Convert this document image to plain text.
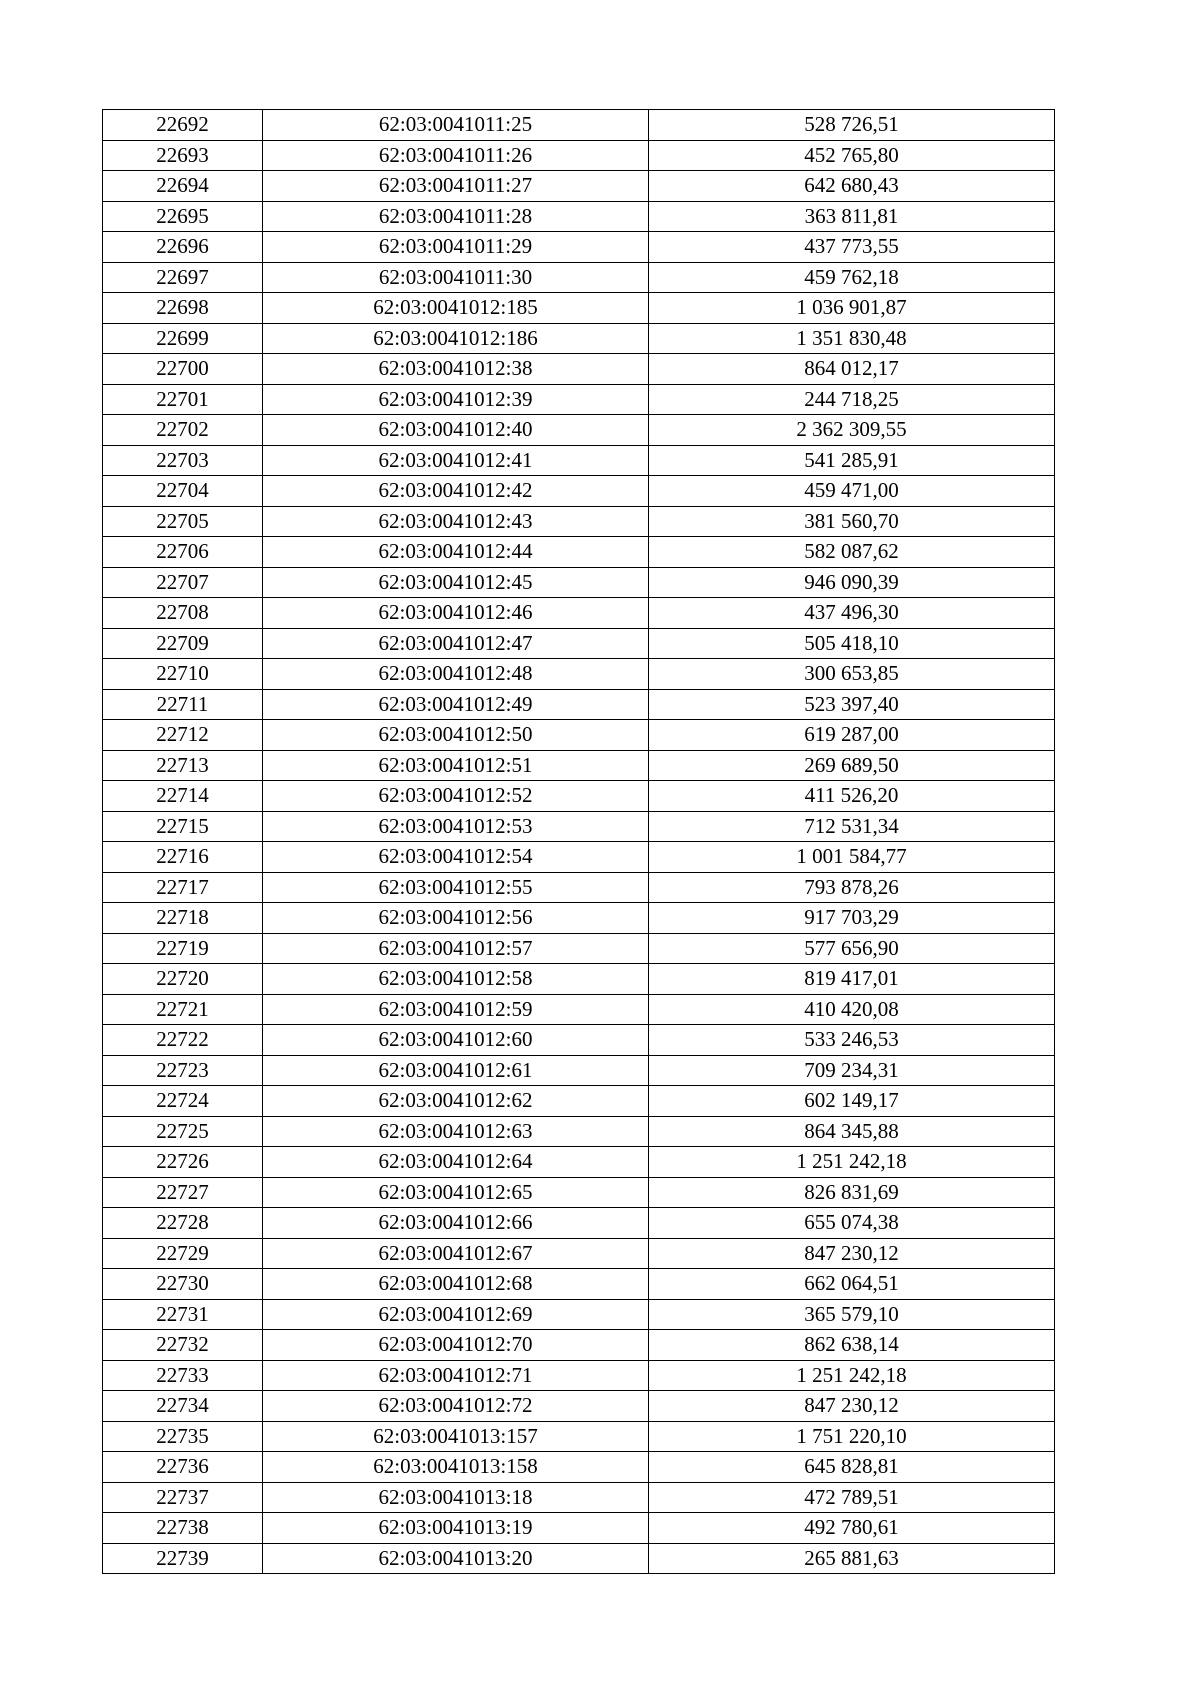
22692	62:03:0041011:25	528 726,51
22693	62:03:0041011:26	452 765,80
22694	62:03:0041011:27	642 680,43
22695	62:03:0041011:28	363 811,81
22696	62:03:0041011:29	437 773,55
22697	62:03:0041011:30	459 762,18
22698	62:03:0041012:185	1 036 901,87
22699	62:03:0041012:186	1 351 830,48
22700	62:03:0041012:38	864 012,17
22701	62:03:0041012:39	244 718,25
22702	62:03:0041012:40	2 362 309,55
22703	62:03:0041012:41	541 285,91
22704	62:03:0041012:42	459 471,00
22705	62:03:0041012:43	381 560,70
22706	62:03:0041012:44	582 087,62
22707	62:03:0041012:45	946 090,39
22708	62:03:0041012:46	437 496,30
22709	62:03:0041012:47	505 418,10
22710	62:03:0041012:48	300 653,85
22711	62:03:0041012:49	523 397,40
22712	62:03:0041012:50	619 287,00
22713	62:03:0041012:51	269 689,50
22714	62:03:0041012:52	411 526,20
22715	62:03:0041012:53	712 531,34
22716	62:03:0041012:54	1 001 584,77
22717	62:03:0041012:55	793 878,26
22718	62:03:0041012:56	917 703,29
22719	62:03:0041012:57	577 656,90
22720	62:03:0041012:58	819 417,01
22721	62:03:0041012:59	410 420,08
22722	62:03:0041012:60	533 246,53
22723	62:03:0041012:61	709 234,31
22724	62:03:0041012:62	602 149,17
22725	62:03:0041012:63	864 345,88
22726	62:03:0041012:64	1 251 242,18
22727	62:03:0041012:65	826 831,69
22728	62:03:0041012:66	655 074,38
22729	62:03:0041012:67	847 230,12
22730	62:03:0041012:68	662 064,51
22731	62:03:0041012:69	365 579,10
22732	62:03:0041012:70	862 638,14
22733	62:03:0041012:71	1 251 242,18
22734	62:03:0041012:72	847 230,12
22735	62:03:0041013:157	1 751 220,10
22736	62:03:0041013:158	645 828,81
22737	62:03:0041013:18	472 789,51
22738	62:03:0041013:19	492 780,61
22739	62:03:0041013:20	265 881,63
